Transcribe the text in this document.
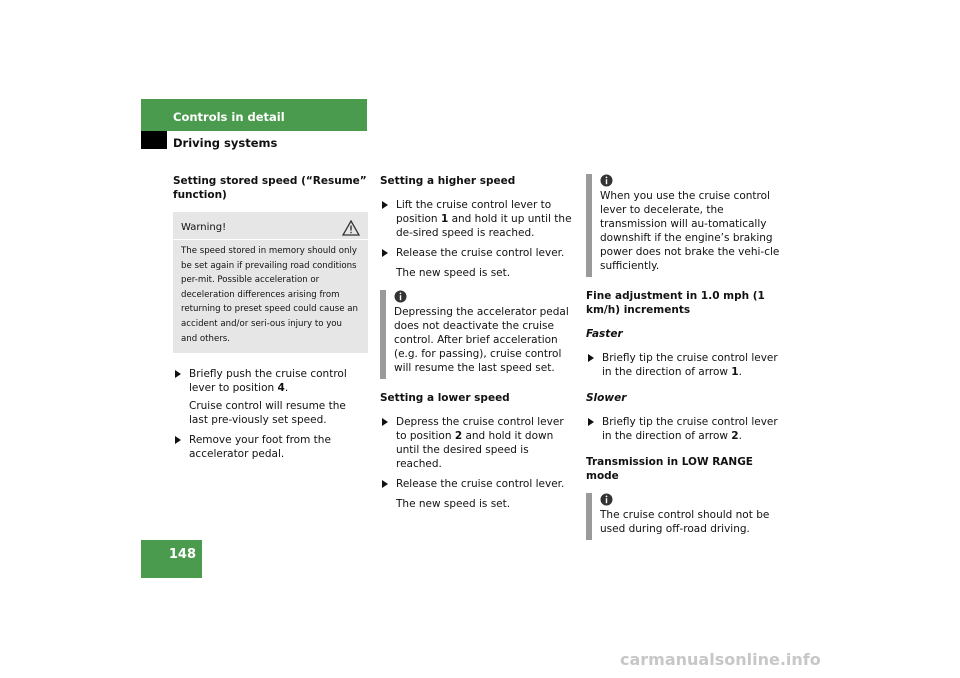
Controls in detail
Driving systems

Setting stored speed (“Resume” function)

Warning!
The speed stored in memory should only be set again if prevailing road conditions per-mit. Possible acceleration or deceleration differences arising from returning to preset speed could cause an accident and/or seri-ous injury to you and others.

Briefly push the cruise control lever to position 4.

Cruise control will resume the last pre-viously set speed.

Remove your foot from the accelerator pedal.

Setting a higher speed

Lift the cruise control lever to position 1 and hold it up until the de-sired speed is reached.

Release the cruise control lever.

The new speed is set.

Depressing the accelerator pedal does not deactivate the cruise control. After brief acceleration (e.g. for passing), cruise control will resume the last speed set.

Setting a lower speed

Depress the cruise control lever to position 2 and hold it down until the desired speed is reached.

Release the cruise control lever.

The new speed is set.

When you use the cruise control lever to decelerate, the transmission will au-tomatically downshift if the engine’s braking power does not brake the vehi-cle sufficiently.

Fine adjustment in 1.0 mph (1 km/h) increments

Faster

Briefly tip the cruise control lever in the direction of arrow 1.

Slower

Briefly tip the cruise control lever in the direction of arrow 2.

Transmission in LOW RANGE mode

The cruise control should not be used during off-road driving.
148
carmanualsonline.info
